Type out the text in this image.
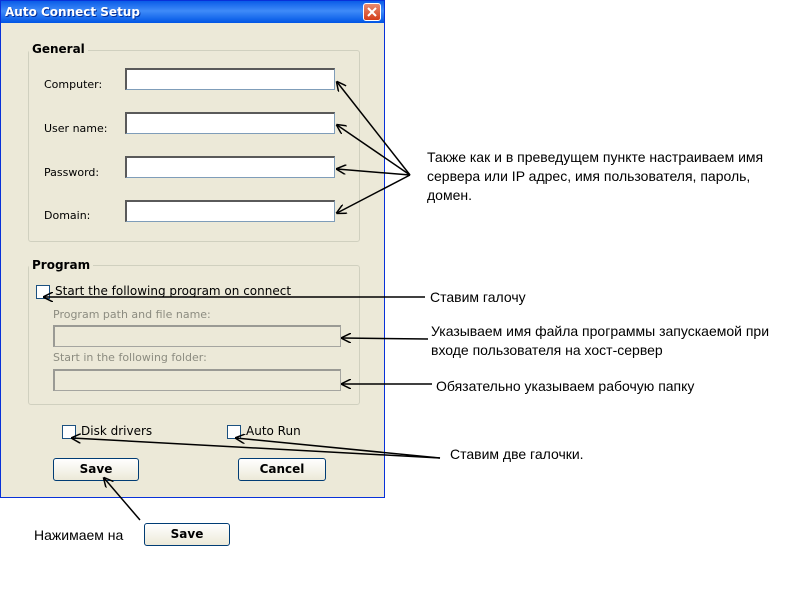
Auto Connect Setup
General
Computer:
User name:
Password:
Domain:
Program
Start the following program on connect
Program path and file name:
Start in the following folder:
Disk drivers	Auto Run
Save	Cancel
Также как и в преведущем пункте настраиваем имя сервера или IP адрес, имя пользователя, пароль, домен.
Ставим галочу
Указываем имя файла программы запускаемой при входе пользователя на хост-сервер
Обязательно указываем рабочую папку
Ставим две галочки.
Нажимаем на	Save
